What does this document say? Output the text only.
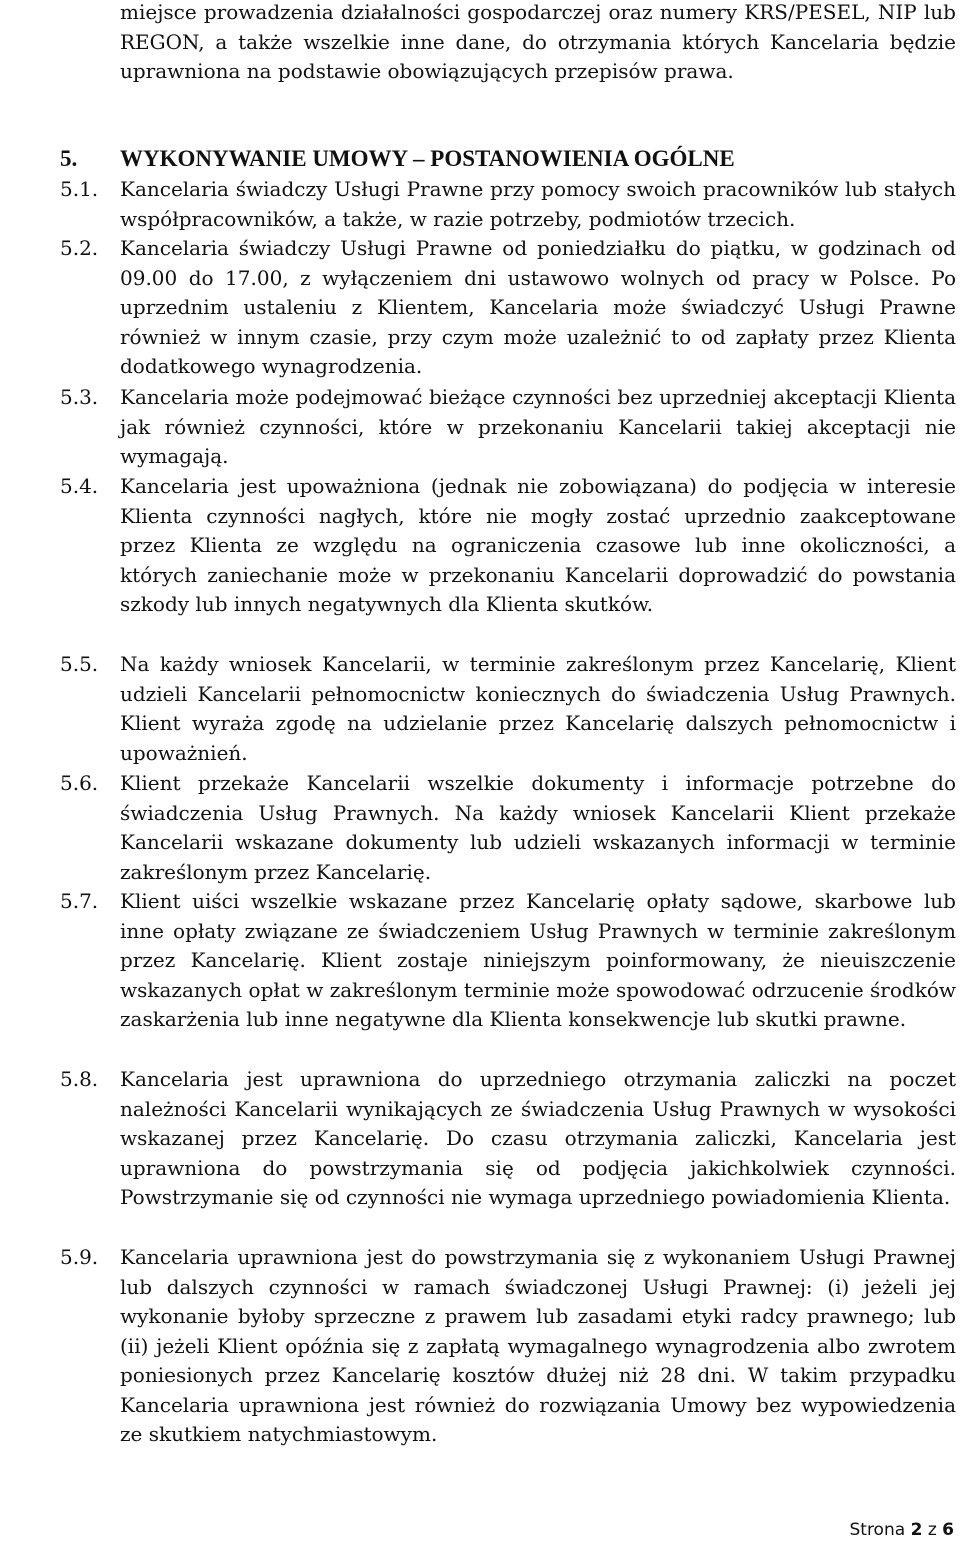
miejsce prowadzenia działalności gospodarczej oraz numery KRS/PESEL, NIP lub REGON, a także wszelkie inne dane, do otrzymania których Kancelaria będzie uprawniona na podstawie obowiązujących przepisów prawa.
5. WYKONYWANIE UMOWY – POSTANOWIENIA OGÓLNE
5.1. Kancelaria świadczy Usługi Prawne przy pomocy swoich pracowników lub stałych współpracowników, a także, w razie potrzeby, podmiotów trzecich.
5.2. Kancelaria świadczy Usługi Prawne od poniedziałku do piątku, w godzinach od 09.00 do 17.00, z wyłączeniem dni ustawowo wolnych od pracy w Polsce. Po uprzednim ustaleniu z Klientem, Kancelaria może świadczyć Usługi Prawne również w innym czasie, przy czym może uzależnić to od zapłaty przez Klienta dodatkowego wynagrodzenia.
5.3. Kancelaria może podejmować bieżące czynności bez uprzedniej akceptacji Klienta jak również czynności, które w przekonaniu Kancelarii takiej akceptacji nie wymagają.
5.4. Kancelaria jest upoważniona (jednak nie zobowiązana) do podjęcia w interesie Klienta czynności nagłych, które nie mogły zostać uprzednio zaakceptowane przez Klienta ze względu na ograniczenia czasowe lub inne okoliczności, a których zaniechanie może w przekonaniu Kancelarii doprowadzić do powstania szkody lub innych negatywnych dla Klienta skutków.
5.5. Na każdy wniosek Kancelarii, w terminie zakreślonym przez Kancelarię, Klient udzieli Kancelarii pełnomocnictw koniecznych do świadczenia Usług Prawnych. Klient wyraża zgodę na udzielanie przez Kancelarię dalszych pełnomocnictw i upoważnień.
5.6. Klient przekaże Kancelarii wszelkie dokumenty i informacje potrzebne do świadczenia Usług Prawnych. Na każdy wniosek Kancelarii Klient przekaże Kancelarii wskazane dokumenty lub udzieli wskazanych informacji w terminie zakreślonym przez Kancelarię.
5.7. Klient uiści wszelkie wskazane przez Kancelarię opłaty sądowe, skarbowe lub inne opłaty związane ze świadczeniem Usług Prawnych w terminie zakreślonym przez Kancelarię. Klient zostaje niniejszym poinformowany, że nieuiszczenie wskazanych opłat w zakreślonym terminie może spowodować odrzucenie środków zaskarżenia lub inne negatywne dla Klienta konsekwencje lub skutki prawne.
5.8. Kancelaria jest uprawniona do uprzedniego otrzymania zaliczki na poczet należności Kancelarii wynikających ze świadczenia Usług Prawnych w wysokości wskazanej przez Kancelarię. Do czasu otrzymania zaliczki, Kancelaria jest uprawniona do powstrzymania się od podjęcia jakichkolwiek czynności. Powstrzymanie się od czynności nie wymaga uprzedniego powiadomienia Klienta.
5.9. Kancelaria uprawniona jest do powstrzymania się z wykonaniem Usługi Prawnej lub dalszych czynności w ramach świadczonej Usługi Prawnej: (i) jeżeli jej wykonanie byłoby sprzeczne z prawem lub zasadami etyki radcy prawnego; lub (ii) jeżeli Klient opóźnia się z zapłatą wymagalnego wynagrodzenia albo zwrotem poniesionych przez Kancelarię kosztów dłużej niż 28 dni. W takim przypadku Kancelaria uprawniona jest również do rozwiązania Umowy bez wypowiedzenia ze skutkiem natychmiastowym.
Strona 2 z 6
